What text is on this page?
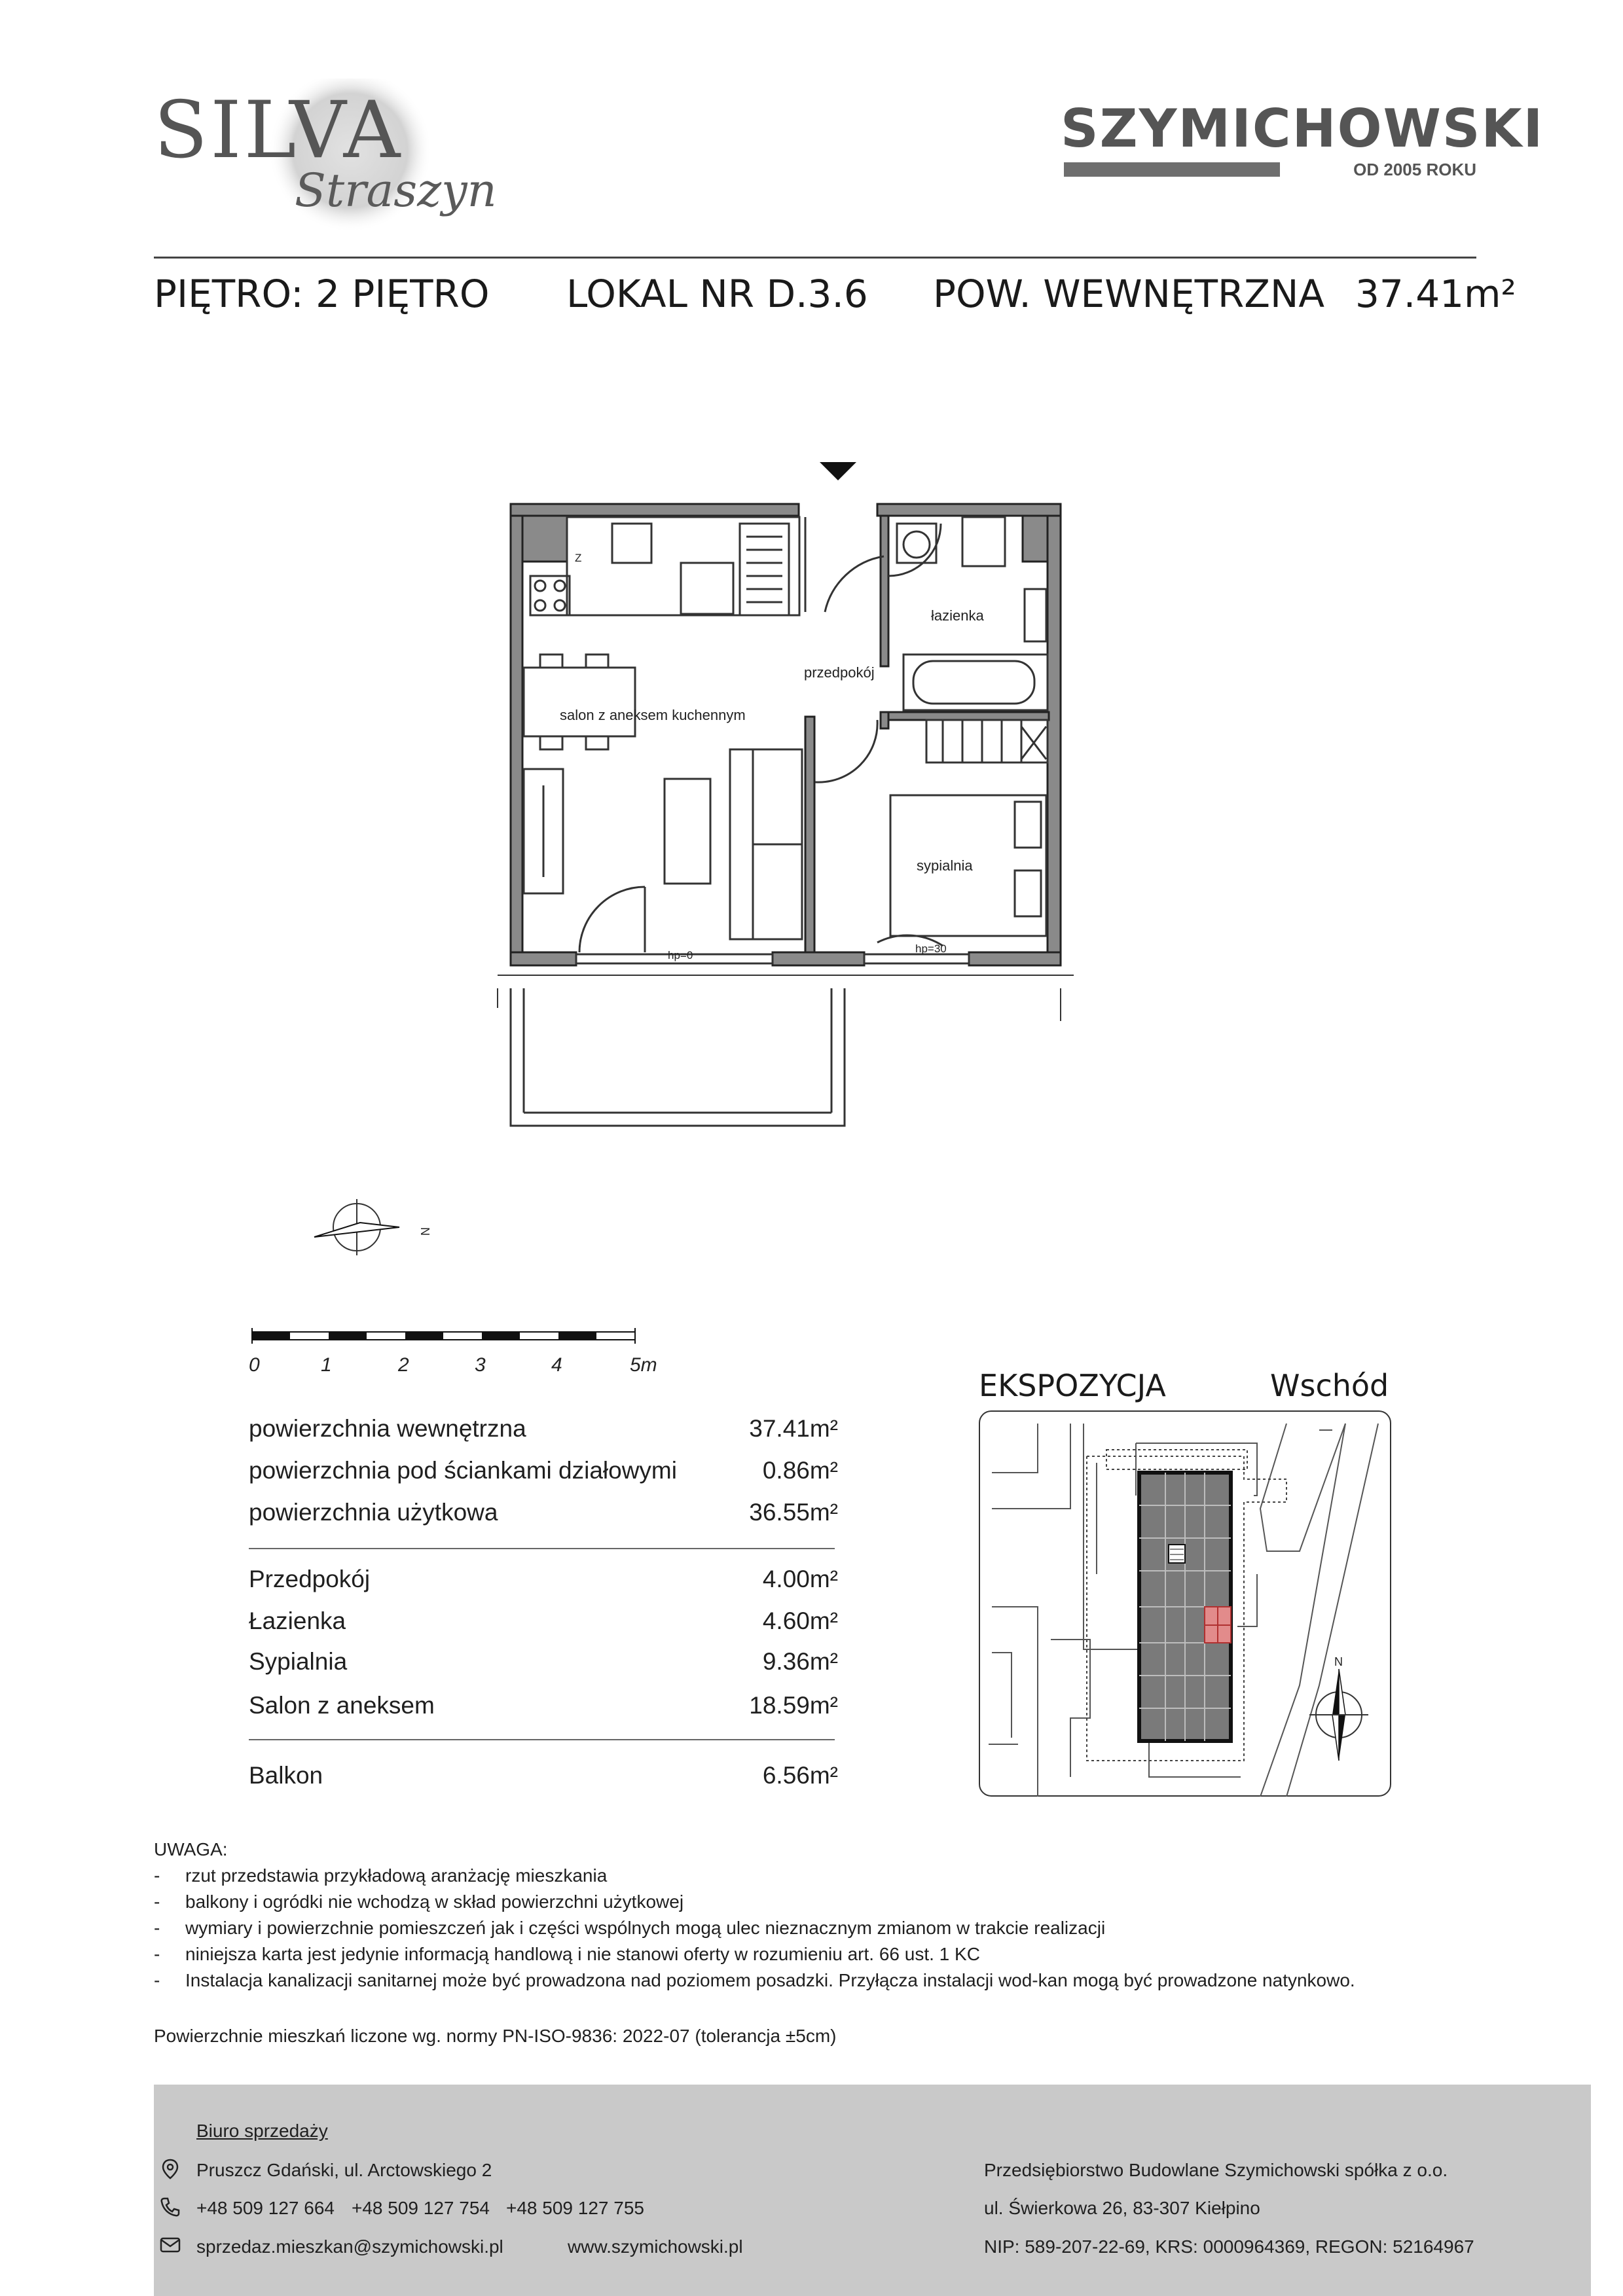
SILVA
Straszyn
SZYMICHOWSKI
OD 2005 ROKU
PIĘTRO: 2 PIĘTRO LOKAL NR D.3.6 POW. WEWNĘTRZNA 37.41m²
łazienka
przedpokój
salon z aneksem kuchennym
sypialnia
hp=0
hp=30
Z
N
0	1	2	3	4	5m
powierzchnia wewnętrzna	37.41m²
powierzchnia pod ściankami działowymi	0.86m²
powierzchnia użytkowa	36.55m²
Przedpokój	4.00m²
Łazienka	4.60m²
Sypialnia	9.36m²
Salon z aneksem	18.59m²
Balkon	6.56m²
EKSPOZYCJA	Wschód
N
UWAGA:
- rzut przedstawia przykładową aranżację mieszkania
- balkony i ogródki nie wchodzą w skład powierzchni użytkowej
- wymiary i powierzchnie pomieszczeń jak i części wspólnych mogą ulec nieznacznym zmianom w trakcie realizacji
- niniejsza karta jest jedynie informacją handlową i nie stanowi oferty w rozumieniu art. 66 ust. 1 KC
- Instalacja kanalizacji sanitarnej może być prowadzona nad poziomem posadzki. Przyłącza instalacji wod-kan mogą być prowadzone natynkowo.
Powierzchnie mieszkań liczone wg. normy PN-ISO-9836: 2022-07 (tolerancja ±5cm)
Biuro sprzedaży
Pruszcz Gdański, ul. Arctowskiego 2
+48 509 127 664 +48 509 127 754 +48 509 127 755
sprzedaz.mieszkan@szymichowski.pl	www.szymichowski.pl
Przedsiębiorstwo Budowlane Szymichowski spółka z o.o.
ul. Świerkowa 26, 83-307 Kiełpino
NIP: 589-207-22-69, KRS: 0000964369, REGON: 52164967
